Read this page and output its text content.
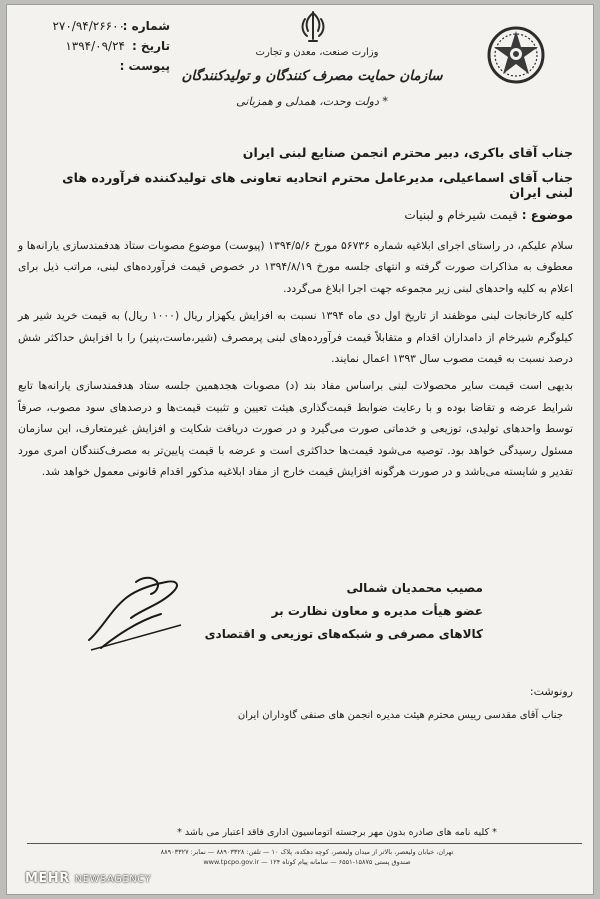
شماره :
۲۷۰/۹۴/۲۶۶۰۰
تاریخ :
۱۳۹۴/۰۹/۲۴
پیوست :
وزارت صنعت، معدن و تجارت
سازمان حمایت مصرف کنندگان و تولیدکنندگان
* دولت وحدت، همدلی و همزبانی
جناب آقای باکری، دبیر محترم انجمن صنایع لبنی ایران
جناب آقای اسماعیلی، مدیرعامل محترم اتحادیه تعاونی های تولیدکننده فرآورده های لبنی ایران
موضوع : قیمت شیرخام و لبنیات

سلام علیکم، در راستای اجرای ابلاغیه شماره ۵۶۷۳۶ مورخ ۱۳۹۴/۵/۶ (پیوست) موضوع مصوبات ستاد هدفمندسازی یارانه‌ها و معطوف به مذاکرات صورت گرفته و انتهای جلسه مورخ ۱۳۹۴/۸/۱۹ در خصوص قیمت فرآورده‌های لبنی، مراتب ذیل برای اعلام به کلیه واحدهای لبنی زیر مجموعه جهت اجرا ابلاغ می‌گردد.

کلیه کارخانجات لبنی موظفند از تاریخ اول دی ماه ۱۳۹۴ نسبت به افزایش یکهزار ریال (۱۰۰۰ ریال) به قیمت خرید شیر هر کیلوگرم شیرخام از دامداران اقدام و متقابلاً قیمت فرآورده‌های لبنی پرمصرف (شیر،ماست،پنیر) را با افزایش حداکثر شش درصد نسبت به قیمت مصوب سال ۱۳۹۳ اعمال نمایند.

بدیهی است قیمت سایر محصولات لبنی براساس مفاد بند (د) مصوبات هجدهمین جلسه ستاد هدفمندسازی یارانه‌ها تابع شرایط عرضه و تقاضا بوده و با رعایت ضوابط قیمت‌گذاری هیئت تعیین و تثبیت قیمت‌ها و درصدهای سود مصوب، صرفاً توسط واحدهای تولیدی، توزیعی و خدماتی صورت می‌گیرد و در صورت دریافت شکایت و افزایش غیرمتعارف، این سازمان مسئول رسیدگی خواهد بود. توصیه می‌شود قیمت‌ها حداکثری است و عرضه با قیمت پایین‌تر به مصرف‌کنندگان امری مورد تقدیر و شایسته می‌باشد و در صورت هرگونه افزایش قیمت خارج از مفاد ابلاغیه مذکور اقدام قانونی معمول خواهد شد.

مصیب محمدیان شمالی
عضو هیأت مدیره و معاون نظارت بر
کالاهای مصرفی و شبکه‌های توزیعی و اقتصادی
رونوشت:
جناب آقای مقدسی رییس محترم هیئت مدیره انجمن های صنفی گاوداران ایران
* کلیه نامه های صادره بدون مهر برجسته اتوماسیون اداری فاقد اعتبار می باشد *
تهران، خیابان ولیعصر، بالاتر از میدان ولیعصر، کوچه دهکده، پلاک ۱۰ — تلفن: ۸۸۹۰۳۳۲۸ — نمابر: ۸۸۹۰۳۳۲۷
صندوق پستی ۱۵۸۷۵-۶۵۵۱ — سامانه پیام کوتاه ۱۲۴ — www.tpcpo.gov.ir
MEHR NEWSAGENCY
